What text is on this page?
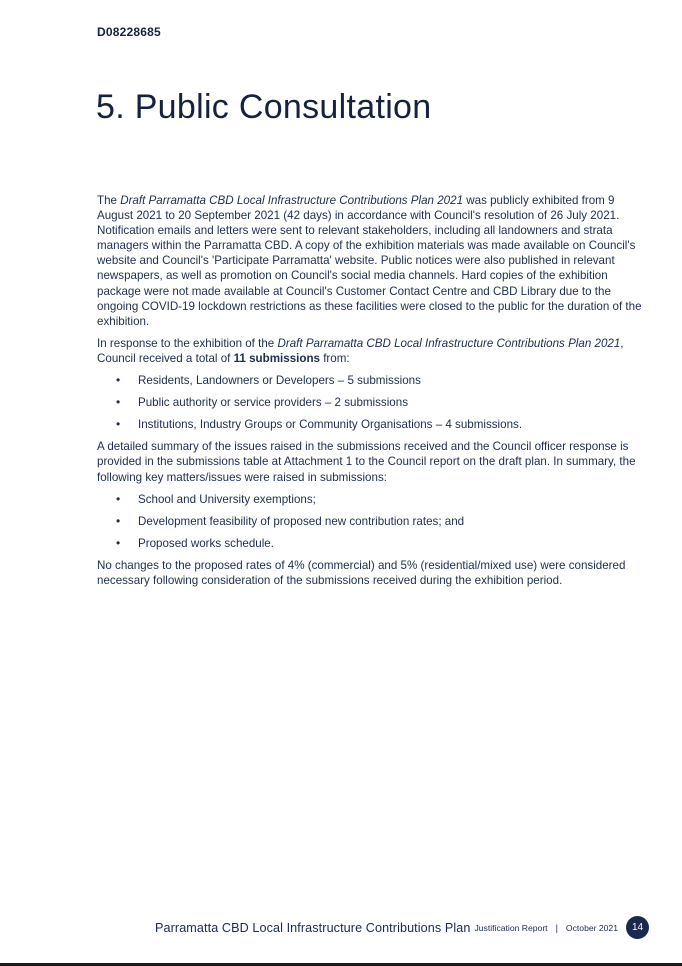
D08228685
5. Public Consultation

The Draft Parramatta CBD Local Infrastructure Contributions Plan 2021 was publicly exhibited from 9 August 2021 to 20 September 2021 (42 days) in accordance with Council's resolution of 26 July 2021. Notification emails and letters were sent to relevant stakeholders, including all landowners and strata managers within the Parramatta CBD. A copy of the exhibition materials was made available on Council's website and Council's 'Participate Parramatta' website. Public notices were also published in relevant newspapers, as well as promotion on Council's social media channels. Hard copies of the exhibition package were not made available at Council's Customer Contact Centre and CBD Library due to the ongoing COVID-19 lockdown restrictions as these facilities were closed to the public for the duration of the exhibition.

In response to the exhibition of the Draft Parramatta CBD Local Infrastructure Contributions Plan 2021, Council received a total of 11 submissions from:

• Residents, Landowners or Developers – 5 submissions
• Public authority or service providers – 2 submissions
• Institutions, Industry Groups or Community Organisations – 4 submissions.

A detailed summary of the issues raised in the submissions received and the Council officer response is provided in the submissions table at Attachment 1 to the Council report on the draft plan. In summary, the following key matters/issues were raised in submissions:

• School and University exemptions;
• Development feasibility of proposed new contribution rates; and
• Proposed works schedule.

No changes to the proposed rates of 4% (commercial) and 5% (residential/mixed use) were considered necessary following consideration of the submissions received during the exhibition period.

Parramatta CBD Local Infrastructure Contributions Plan Justification Report | October 2021	14
